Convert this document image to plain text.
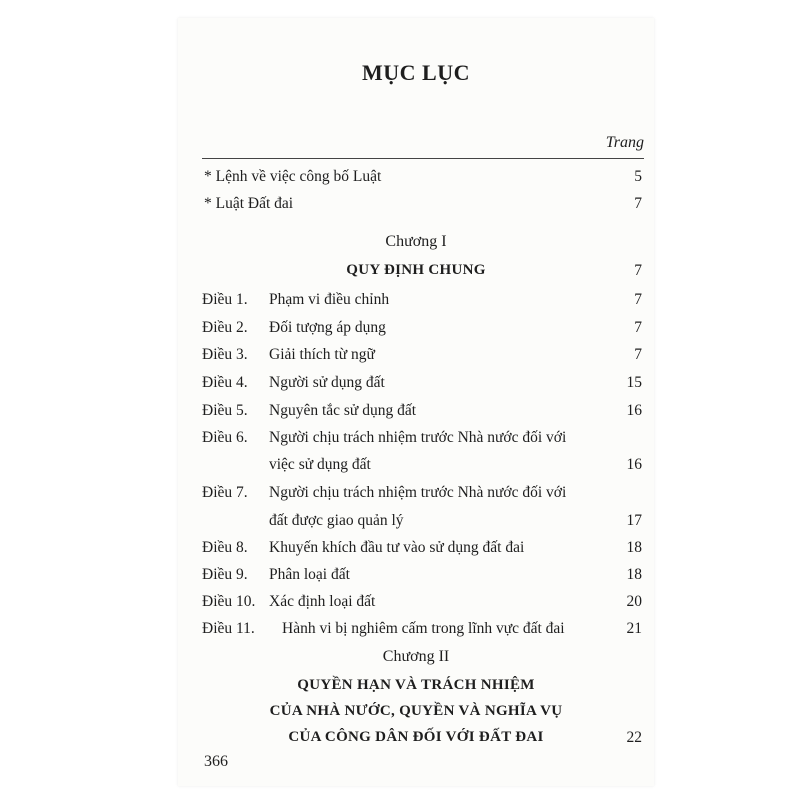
MỤC LỤC
Trang
* Lệnh về việc công bố Luật	5
* Luật Đất đai	7
Chương I
QUY ĐỊNH CHUNG	7
Điều 1. Phạm vi điều chỉnh	7
Điều 2. Đối tượng áp dụng	7
Điều 3. Giải thích từ ngữ	7
Điều 4. Người sử dụng đất	15
Điều 5. Nguyên tắc sử dụng đất	16
Điều 6. Người chịu trách nhiệm trước Nhà nước đối với
việc sử dụng đất	16
Điều 7. Người chịu trách nhiệm trước Nhà nước đối với
đất được giao quản lý	17
Điều 8. Khuyến khích đầu tư vào sử dụng đất đai	18
Điều 9. Phân loại đất	18
Điều 10. Xác định loại đất	20
Điều 11. Hành vi bị nghiêm cấm trong lĩnh vực đất đai	21
Chương II
QUYỀN HẠN VÀ TRÁCH NHIỆM
CỦA NHÀ NƯỚC, QUYỀN VÀ NGHĨA VỤ
CỦA CÔNG DÂN ĐỐI VỚI ĐẤT ĐAI	22
366
